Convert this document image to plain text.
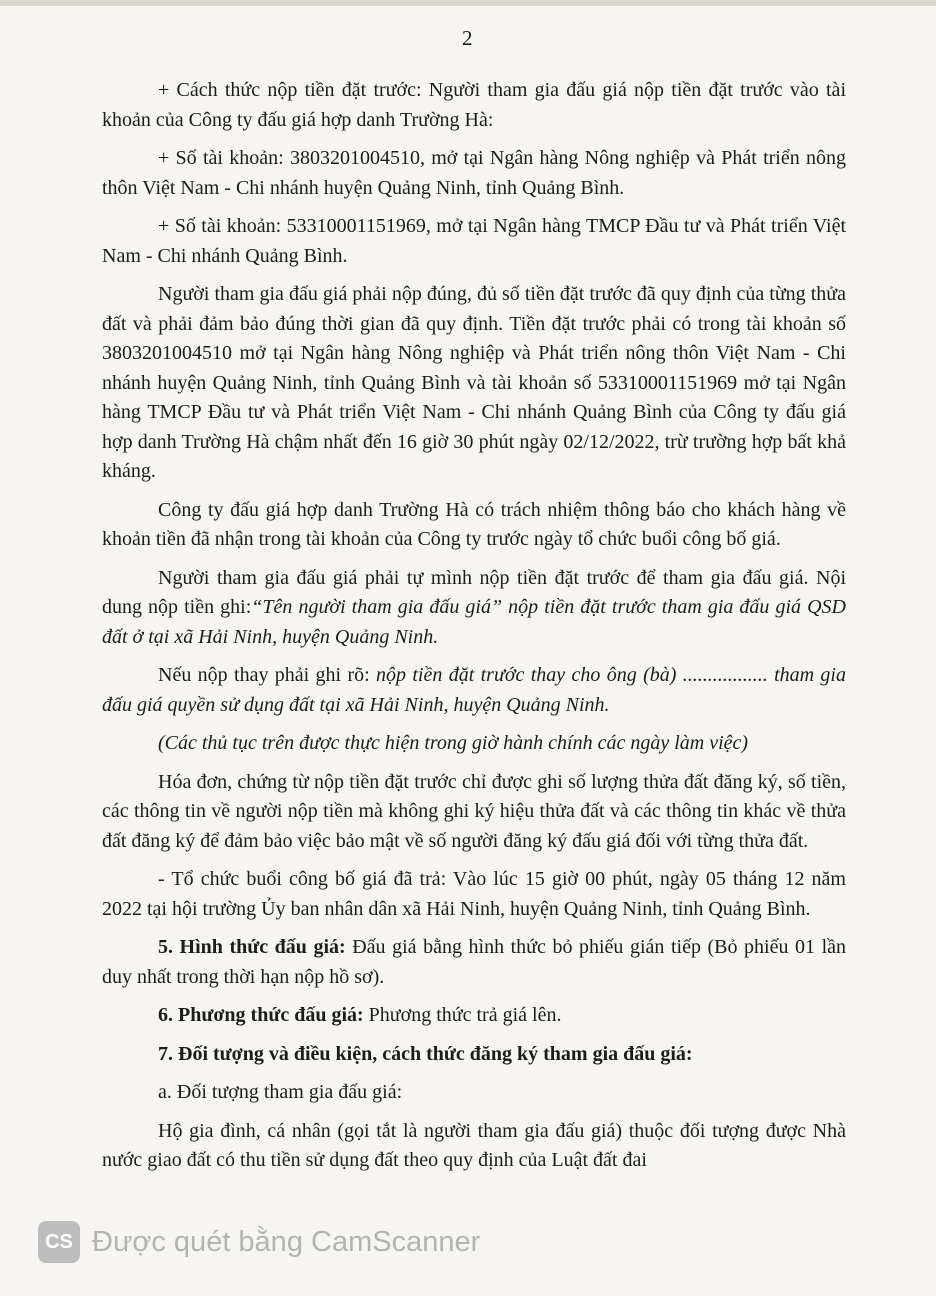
2

+ Cách thức nộp tiền đặt trước: Người tham gia đấu giá nộp tiền đặt trước vào tài khoản của Công ty đấu giá hợp danh Trường Hà:

+ Số tài khoản: 3803201004510, mở tại Ngân hàng Nông nghiệp và Phát triển nông thôn Việt Nam - Chi nhánh huyện Quảng Ninh, tỉnh Quảng Bình.

+ Số tài khoản: 53310001151969, mở tại Ngân hàng TMCP Đầu tư và Phát triển Việt Nam - Chi nhánh Quảng Bình.

Người tham gia đấu giá phải nộp đúng, đủ số tiền đặt trước đã quy định của từng thửa đất và phải đảm bảo đúng thời gian đã quy định. Tiền đặt trước phải có trong tài khoản số 3803201004510 mở tại Ngân hàng Nông nghiệp và Phát triển nông thôn Việt Nam - Chi nhánh huyện Quảng Ninh, tỉnh Quảng Bình và tài khoản số 53310001151969 mở tại Ngân hàng TMCP Đầu tư và Phát triển Việt Nam - Chi nhánh Quảng Bình của Công ty đấu giá hợp danh Trường Hà chậm nhất đến 16 giờ 30 phút ngày 02/12/2022, trừ trường hợp bất khả kháng.

Công ty đấu giá hợp danh Trường Hà có trách nhiệm thông báo cho khách hàng về khoản tiền đã nhận trong tài khoản của Công ty trước ngày tổ chức buổi công bố giá.

Người tham gia đấu giá phải tự mình nộp tiền đặt trước để tham gia đấu giá. Nội dung nộp tiền ghi:“Tên người tham gia đấu giá” nộp tiền đặt trước tham gia đấu giá QSD đất ở tại xã Hải Ninh, huyện Quảng Ninh.

Nếu nộp thay phải ghi rõ: nộp tiền đặt trước thay cho ông (bà) ................. tham gia đấu giá quyền sử dụng đất tại xã Hải Ninh, huyện Quảng Ninh.

(Các thủ tục trên được thực hiện trong giờ hành chính các ngày làm việc)

Hóa đơn, chứng từ nộp tiền đặt trước chỉ được ghi số lượng thửa đất đăng ký, số tiền, các thông tin về người nộp tiền mà không ghi ký hiệu thửa đất và các thông tin khác về thửa đất đăng ký để đảm bảo việc bảo mật về số người đăng ký đấu giá đối với từng thửa đất.

- Tổ chức buổi công bố giá đã trả: Vào lúc 15 giờ 00 phút, ngày 05 tháng 12 năm 2022 tại hội trường Ủy ban nhân dân xã Hải Ninh, huyện Quảng Ninh, tỉnh Quảng Bình.

5. Hình thức đấu giá: Đấu giá bằng hình thức bỏ phiếu gián tiếp (Bỏ phiếu 01 lần duy nhất trong thời hạn nộp hồ sơ).

6. Phương thức đấu giá: Phương thức trả giá lên.

7. Đối tượng và điều kiện, cách thức đăng ký tham gia đấu giá:

a. Đối tượng tham gia đấu giá:

Hộ gia đình, cá nhân (gọi tắt là người tham gia đấu giá) thuộc đối tượng được Nhà nước giao đất có thu tiền sử dụng đất theo quy định của Luật đất đai

CS Được quét bằng CamScanner
